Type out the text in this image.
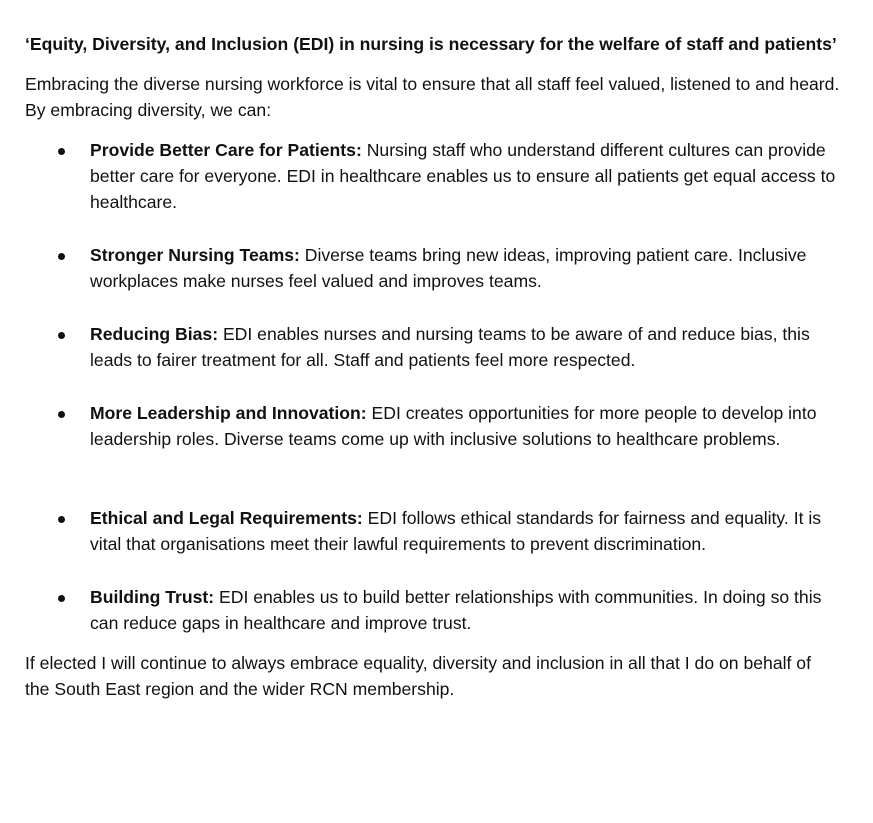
‘Equity, Diversity, and Inclusion (EDI) in nursing is necessary for the welfare of staff and patients’

Embracing the diverse nursing workforce is vital to ensure that all staff feel valued, listened to and heard. By embracing diversity, we can:

Provide Better Care for Patients: Nursing staff who understand different cultures can provide better care for everyone. EDI in healthcare enables us to ensure all patients get equal access to healthcare.
Stronger Nursing Teams: Diverse teams bring new ideas, improving patient care. Inclusive workplaces make nurses feel valued and improves teams.
Reducing Bias: EDI enables nurses and nursing teams to be aware of and reduce bias, this leads to fairer treatment for all. Staff and patients feel more respected.
More Leadership and Innovation: EDI creates opportunities for more people to develop into leadership roles. Diverse teams come up with inclusive solutions to healthcare problems.
Ethical and Legal Requirements: EDI follows ethical standards for fairness and equality. It is vital that organisations meet their lawful requirements to prevent discrimination.
Building Trust: EDI enables us to build better relationships with communities. In doing so this can reduce gaps in healthcare and improve trust.

If elected I will continue to always embrace equality, diversity and inclusion in all that I do on behalf of the South East region and the wider RCN membership.
